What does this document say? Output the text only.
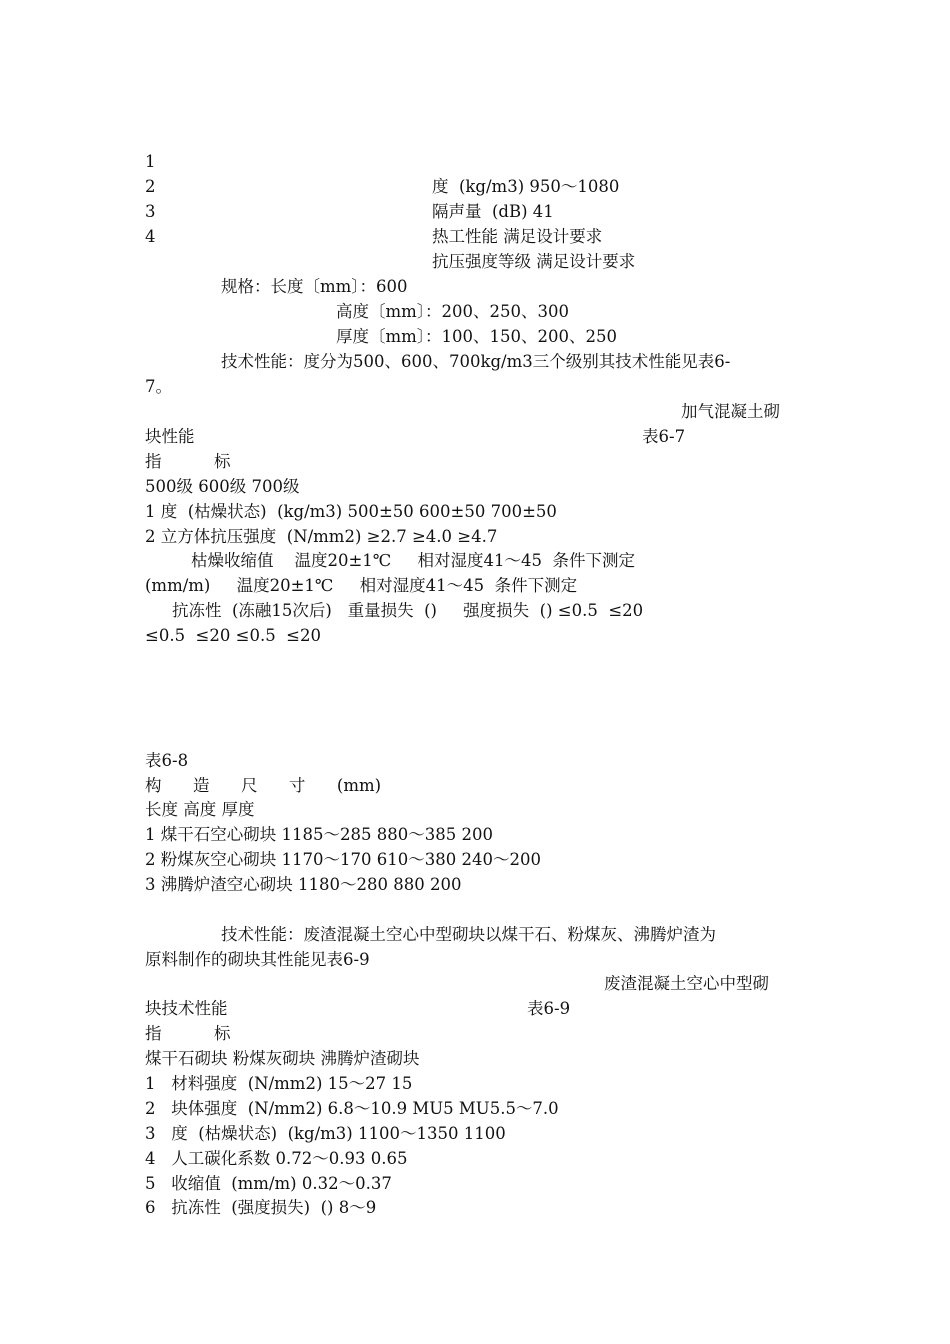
1

度  (kg/m3) 950～1080

2

隔声量  (dB) 41

3

热工性能 满足设计要求

4

抗压强度等级 满足设计要求

规格：长度〔mm〕：600
高度〔mm〕：200、250、300
厚度〔mm〕：100、150、200、250
技术性能：度分为500、600、700kg/m3三个级别其技术性能见表6-
7。
加气混凝土砌
块性能	表6-7
指          标
500级 600级 700级
1 度  (枯燥状态)  (kg/m3) 500±50 600±50 700±50
2 立方体抗压强度  (N/mm2) ≥2.7 ≥4.0 ≥4.7
枯燥收缩值    温度20±1℃     相对湿度41～45  条件下测定
(mm/m)     温度20±1℃     相对湿度41～45  条件下测定
抗冻性  (冻融15次后)   重量损失  ()     强度损失  () ≤0.5  ≤20
≤0.5  ≤20 ≤0.5  ≤20
表6-8
构      造      尺      寸      (mm)
长度 高度 厚度
1 煤干石空心砌块 1185～285 880～385 200
2 粉煤灰空心砌块 1170～170 610～380 240～200
3 沸腾炉渣空心砌块 1180～280 880 200
技术性能：废渣混凝土空心中型砌块以煤干石、粉煤灰、沸腾炉渣为
原料制作的砌块其性能见表6-9
废渣混凝土空心中型砌
块技术性能	表6-9
指          标
煤干石砌块 粉煤灰砌块 沸腾炉渣砌块
1   材料强度  (N/mm2) 15～27 15
2   块体强度  (N/mm2) 6.8～10.9 MU5 MU5.5～7.0
3   度  (枯燥状态)  (kg/m3) 1100～1350 1100
4   人工碳化系数 0.72～0.93 0.65
5   收缩值  (mm/m) 0.32～0.37
6   抗冻性  (强度损失)  () 8～9
